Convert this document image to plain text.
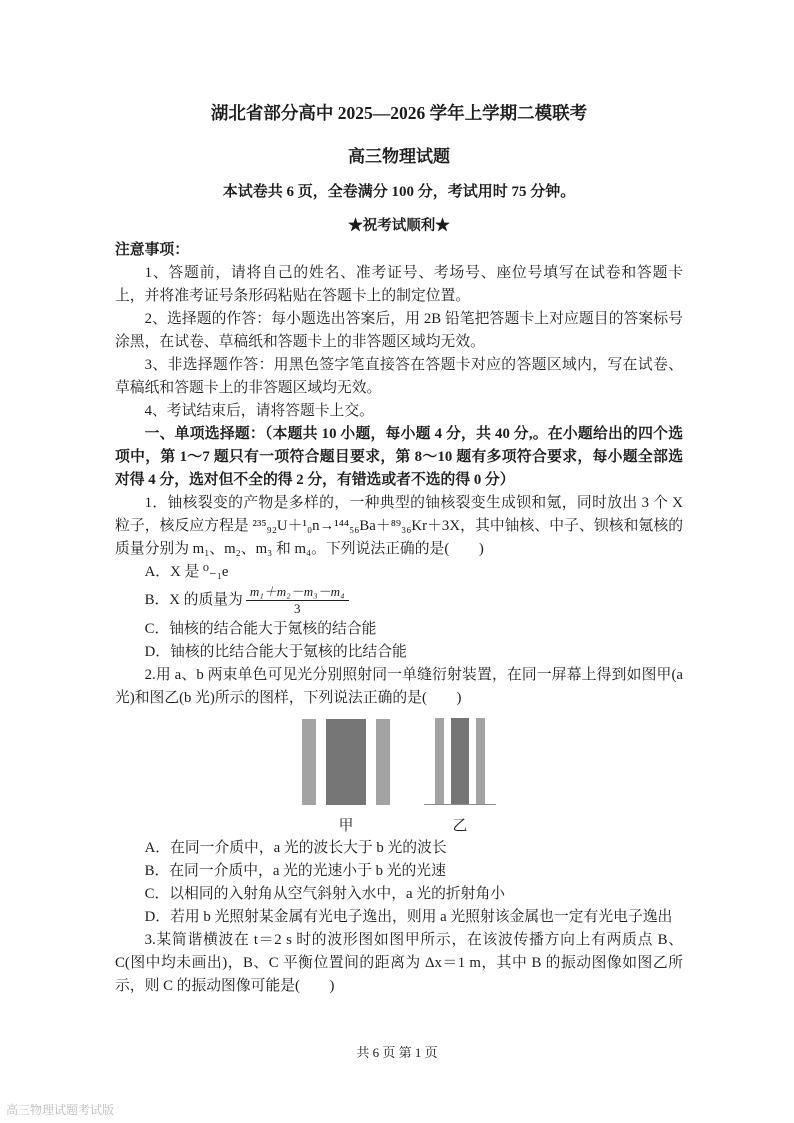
湖北省部分高中 2025—2026 学年上学期二模联考
高三物理试题

本试卷共 6 页，全卷满分 100 分，考试用时 75 分钟。

★祝考试顺利★

注意事项：

1、答题前，请将自己的姓名、准考证号、考场号、座位号填写在试卷和答题卡上，并将准考证号条形码粘贴在答题卡上的制定位置。

2、选择题的作答：每小题选出答案后，用 2B 铅笔把答题卡上对应题目的答案标号涂黑，在试卷、草稿纸和答题卡上的非答题区域均无效。

3、非选择题作答：用黑色签字笔直接答在答题卡对应的答题区域内，写在试卷、草稿纸和答题卡上的非答题区域均无效。

4、考试结束后，请将答题卡上交。

一、单项选择题：（本题共 10 小题，每小题 4 分，共 40 分,。在小题给出的四个选项中，第 1～7 题只有一项符合题目要求，第 8～10 题有多项符合要求，每小题全部选对得 4 分，选对但不全的得 2 分，有错选或者不选的得 0 分）

1．铀核裂变的产物是多样的，一种典型的铀核裂变生成钡和氪，同时放出 3 个 X 粒子，核反应方程是 ²³⁵₉₂U＋¹₀n→¹⁴⁴₅₆Ba＋⁸⁹₃₆Kr＋3X，其中铀核、中子、钡核和氪核的质量分别为 m₁、m₂、m₃ 和 m₄。下列说法正确的是(　　)

A．X 是 ⁰₋₁e

B．X 的质量为 $\frac{\text{m₁＋m₂－m₃－m₄}}{3}$

C．铀核的结合能大于氪核的结合能

D．铀核的比结合能大于氪核的比结合能

2.用 a、b 两束单色可见光分别照射同一单缝衍射装置，在同一屏幕上得到如图甲(a 光)和图乙(b 光)所示的图样，下列说法正确的是(　　)

甲	乙

A．在同一介质中，a 光的波长大于 b 光的波长

B．在同一介质中，a 光的光速小于 b 光的光速

C．以相同的入射角从空气斜射入水中，a 光的折射角小

D．若用 b 光照射某金属有光电子逸出，则用 a 光照射该金属也一定有光电子逸出

3.某简谐横波在 t＝2 s 时的波形图如图甲所示，在该波传播方向上有两质点 B、C(图中均未画出)，B、C 平衡位置间的距离为 Δx＝1 m，其中 B 的振动图像如图乙所示，则 C 的振动图像可能是(　　)

共 6 页 第 1 页
高三物理试题考试版
